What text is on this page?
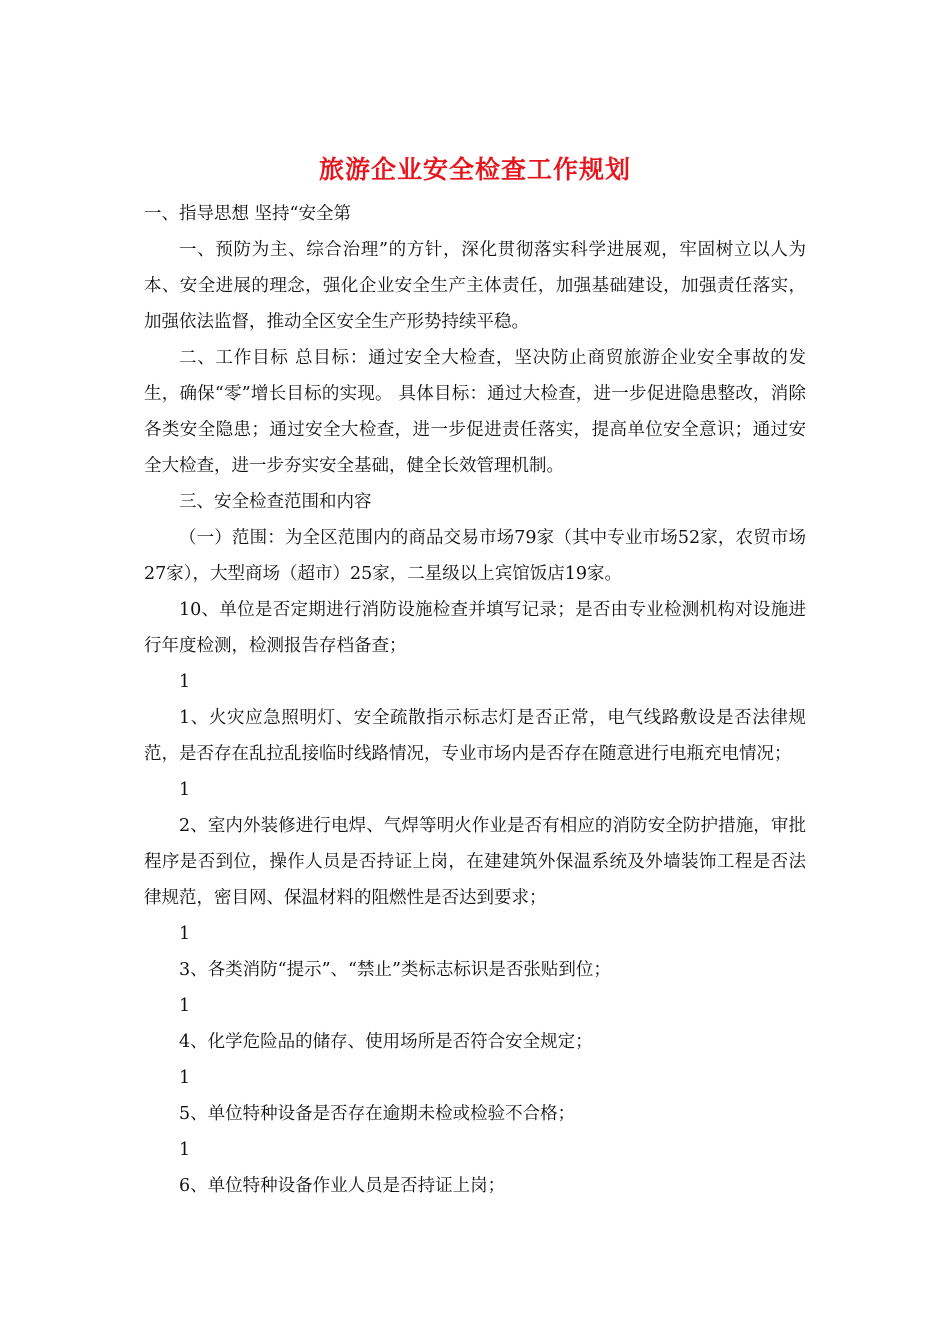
旅游企业安全检查工作规划

一、指导思想 坚持“安全第

一、预防为主、综合治理”的方针，深化贯彻落实科学进展观，牢固树立以人为本、安全进展的理念，强化企业安全生产主体责任，加强基础建设，加强责任落实，加强依法监督，推动全区安全生产形势持续平稳。

二、工作目标 总目标：通过安全大检查，坚决防止商贸旅游企业安全事故的发生，确保“零”增长目标的实现。 具体目标：通过大检查，进一步促进隐患整改，消除各类安全隐患；通过安全大检查，进一步促进责任落实，提高单位安全意识；通过安全大检查，进一步夯实安全基础，健全长效管理机制。

三、安全检查范围和内容

（一）范围：为全区范围内的商品交易市场79家（其中专业市场52家，农贸市场27家），大型商场（超市）25家，二星级以上宾馆饭店19家。

10、单位是否定期进行消防设施检查并填写记录；是否由专业检测机构对设施进行年度检测，检测报告存档备查；

1

1、火灾应急照明灯、安全疏散指示标志灯是否正常，电气线路敷设是否法律规范，是否存在乱拉乱接临时线路情况，专业市场内是否存在随意进行电瓶充电情况；

1

2、室内外装修进行电焊、气焊等明火作业是否有相应的消防安全防护措施，审批程序是否到位，操作人员是否持证上岗，在建建筑外保温系统及外墙装饰工程是否法律规范，密目网、保温材料的阻燃性是否达到要求；

1

3、各类消防“提示”、“禁止”类标志标识是否张贴到位；

1

4、化学危险品的储存、使用场所是否符合安全规定；

1

5、单位特种设备是否存在逾期未检或检验不合格；

1

6、单位特种设备作业人员是否持证上岗；
